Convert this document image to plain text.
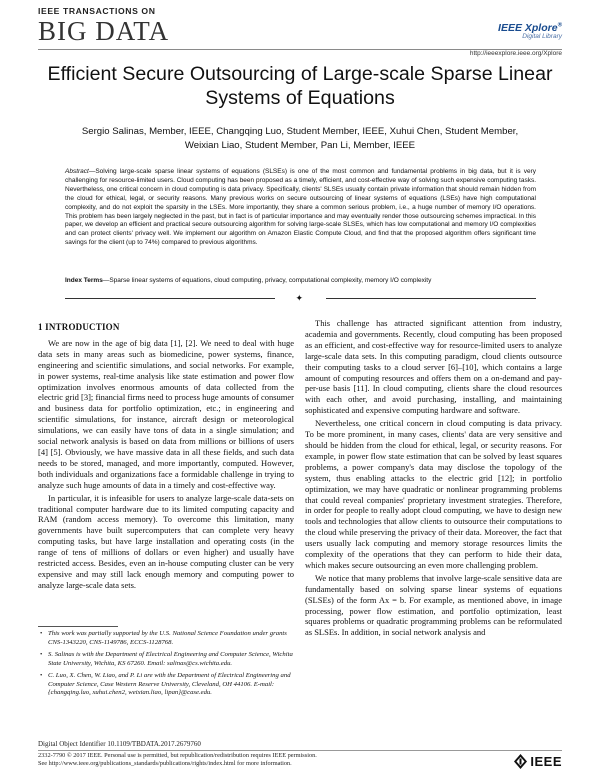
IEEE TRANSACTIONS ON
BIG DATA	IEEE Xplore®
Digital Library
http://ieeexplore.ieee.org/Xplore
Efficient Secure Outsourcing of Large-scale Sparse Linear Systems of Equations
Sergio Salinas, Member, IEEE, Changqing Luo, Student Member, IEEE, Xuhui Chen, Student Member,
Weixian Liao, Student Member, Pan Li, Member, IEEE
Abstract—Solving large-scale sparse linear systems of equations (SLSEs) is one of the most common and fundamental problems in big data, but it is very challenging for resource-limited users. Cloud computing has been proposed as a timely, efficient, and cost-effective way of solving such expensive computing tasks. Nevertheless, one critical concern in cloud computing is data privacy. Specifically, clients' SLSEs usually contain private information that should remain hidden from the cloud for ethical, legal, or security reasons. Many previous works on secure outsourcing of linear systems of equations (LSEs) have high computational complexity, and do not exploit the sparsity in the LSEs. More importantly, they share a common serious problem, i.e., a huge number of memory I/O operations. This problem has been largely neglected in the past, but in fact is of particular importance and may eventually render those outsourcing schemes impractical. In this paper, we develop an efficient and practical secure outsourcing algorithm for solving large-scale SLSEs, which has low computational and memory I/O complexities and can protect clients' privacy well. We implement our algorithm on Amazon Elastic Compute Cloud, and find that the proposed algorithm offers significant time savings for the client (up to 74%) compared to previous algorithms.
Index Terms—Sparse linear systems of equations, cloud computing, privacy, computational complexity, memory I/O complexity
✦
1 INTRODUCTION

We are now in the age of big data [1], [2]. We need to deal with huge data sets in many areas such as biomedicine, power systems, finance, engineering and scientific simulations, and social networks. For example, in power systems, real-time analysis like state estimation and power flow optimization involves enormous amounts of data collected from the electric grid [3]; financial firms need to process huge amounts of consumer and business data for portfolio optimization, etc.; in engineering and scientific simulations, for instance, aircraft design or meteorological simulations, we can easily have tons of data in a single simulation; and social network analysis is based on data from millions or billions of users [4] [5]. Obviously, we have massive data in all these fields, and such data needs to be stored, managed, and more importantly, computed. However, both individuals and organizations face a formidable challenge in trying to analyze such huge amounts of data in a timely and cost-effective way.

In particular, it is infeasible for users to analyze large-scale data-sets on traditional computer hardware due to its limited computing capacity and RAM (random access memory). To overcome this limitation, many governments have built supercomputers that can complete very heavy computing tasks, but have large installation and operating costs (in the range of tens of millions of dollars or even higher) and usually have restricted access. Besides, even an in-house computing cluster can be very expensive and may still lack enough memory and computing power to analyze large-scale data sets.

This challenge has attracted significant attention from industry, academia and governments. Recently, cloud computing has been proposed as an efficient, and cost-effective way for resource-limited users to analyze large-scale data sets. In this computing paradigm, cloud clients outsource their computing tasks to a cloud server [6]–[10], which contains a large amount of computing resources and offers them on a on-demand and pay-per-use basis [11]. In cloud computing, clients share the cloud resources with each other, and avoid purchasing, installing, and maintaining sophisticated and expensive computing hardware and software.

Nevertheless, one critical concern in cloud computing is data privacy. To be more prominent, in many cases, clients' data are very sensitive and should be hidden from the cloud for ethical, legal, or security reasons. For example, in power flow state estimation that can be solved by least squares problems, a power company's data may disclose the topology of the system, thus enabling attacks to the electric grid [12]; in portfolio optimization, we may have quadratic or nonlinear programming problems that could reveal companies' proprietary investment strategies. Therefore, in order for people to really adopt cloud computing, we have to design new tools and technologies that allow clients to outsource their computations to the cloud while preserving the privacy of their data. Moreover, the fact that users usually lack computing and memory storage resources limits the complexity of the operations that they can perform to hide their data, which makes secure outsourcing an even more challenging problem.

We notice that many problems that involve large-scale sensitive data are fundamentally based on solving sparse linear systems of equations (SLSEs) of the form Ax = b. For example, as mentioned above, in image processing, power flow estimation, and portfolio optimization, least squares problems or quadratic programming problems can be reformulated as SLSEs. In addition, in social network analysis and

• This work was partially supported by the U.S. National Science Foundation under grants CNS-1343220, CNS-1149786, ECCS-1128768.
• S. Salinas is with the Department of Electrical Engineering and Computer Science, Wichita State University, Wichita, KS 67260. Email: salinas@cs.wichita.edu.
• C. Luo, X. Chen, W. Liao, and P. Li are with the Department of Electrical Engineering and Computer Science, Case Western Reserve University, Cleveland, OH 44106. E-mail: {changqing.luo, xuhui.chen2, weixian.liao, lipan}@case.edu.
Digital Object Identifier 10.1109/TBDATA.2017.2679760
2332-7790 © 2017 IEEE. Personal use is permitted, but republication/redistribution requires IEEE permission.
See http://www.ieee.org/publications_standards/publications/rights/index.html for more information.	IEEE
